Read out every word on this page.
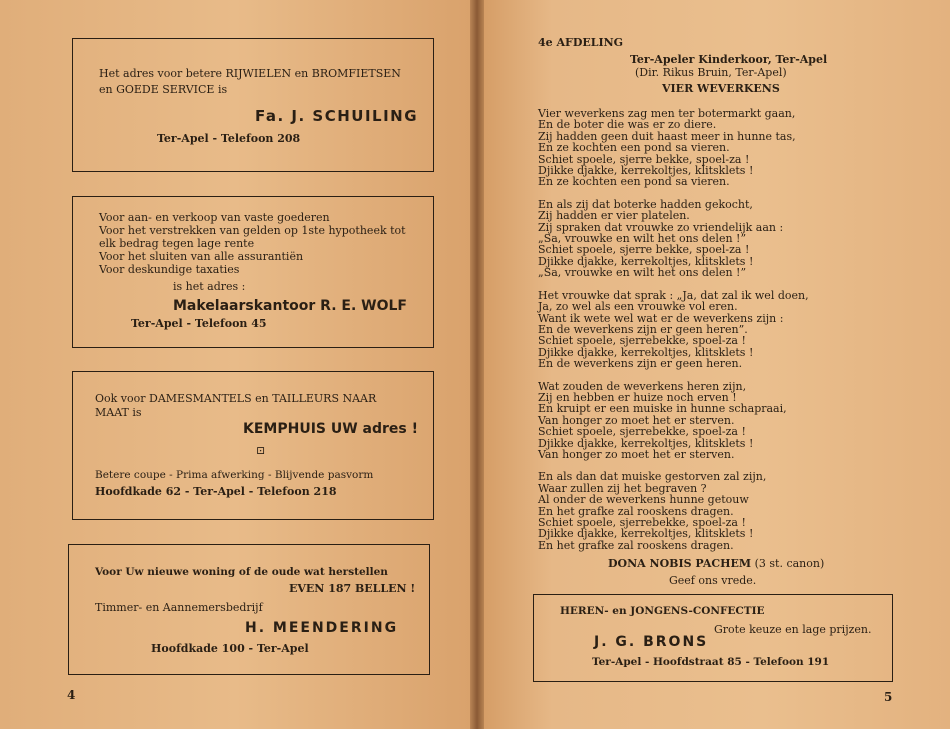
Het adres voor betere RIJWIELEN en BROMFIETSEN
en GOEDE SERVICE is
Fa. J. SCHUILING
Ter-Apel - Telefoon 208
Voor aan- en verkoop van vaste goederen
Voor het verstrekken van gelden op 1ste hypotheek tot
elk bedrag tegen lage rente
Voor het sluiten van alle assurantiën
Voor deskundige taxaties
is het adres :
Makelaarskantoor R. E. WOLF
Ter-Apel - Telefoon 45
Ook voor DAMESMANTELS en TAILLEURS NAAR
MAAT is
KEMPHUIS UW adres !
⊡
Betere coupe - Prima afwerking - Blijvende pasvorm
Hoofdkade 62 - Ter-Apel - Telefoon 218
Voor Uw nieuwe woning of de oude wat herstellen
EVEN 187 BELLEN !
Timmer- en Aannemersbedrijf
H. MEENDERING
Hoofdkade 100 - Ter-Apel
4
4e AFDELING
Ter-Apeler Kinderkoor, Ter-Apel
(Dir. Rikus Bruin, Ter-Apel)
VIER WEVERKENS
Vier weverkens zag men ter botermarkt gaan,
En de boter die was er zo diere.
Zij hadden geen duit haast meer in hunne tas,
En ze kochten een pond sa vieren.
Schiet spoele, sjerre bekke, spoel-za !
Djikke djakke, kerrekoltjes, klitsklets !
En ze kochten een pond sa vieren.
En als zij dat boterke hadden gekocht,
Zij hadden er vier platelen.
Zij spraken dat vrouwke zo vriendelijk aan :
„Sa, vrouwke en wilt het ons delen !”
Schiet spoele, sjerre bekke, spoel-za !
Djikke djakke, kerrekoltjes, klitsklets !
„Sa, vrouwke en wilt het ons delen !”
Het vrouwke dat sprak : „Ja, dat zal ik wel doen,
Ja, zo wel als een vrouwke vol eren.
Want ik wete wel wat er de weverkens zijn :
En de weverkens zijn er geen heren”.
Schiet spoele, sjerrebekke, spoel-za !
Djikke djakke, kerrekoltjes, klitsklets !
En de weverkens zijn er geen heren.
Wat zouden de weverkens heren zijn,
Zij en hebben er huize noch erven !
En kruipt er een muiske in hunne schapraai,
Van honger zo moet het er sterven.
Schiet spoele, sjerrebekke, spoel-za !
Djikke djakke, kerrekoltjes, klitsklets !
Van honger zo moet het er sterven.
En als dan dat muiske gestorven zal zijn,
Waar zullen zij het begraven ?
Al onder de weverkens hunne getouw
En het grafke zal rooskens dragen.
Schiet spoele, sjerrebekke, spoel-za !
Djikke djakke, kerrekoltjes, klitsklets !
En het grafke zal rooskens dragen.
DONA NOBIS PACHEM (3 st. canon)
Geef ons vrede.
HEREN- en JONGENS-CONFECTIE
Grote keuze en lage prijzen.
J. G. BRONS
Ter-Apel - Hoofdstraat 85 - Telefoon 191
5
